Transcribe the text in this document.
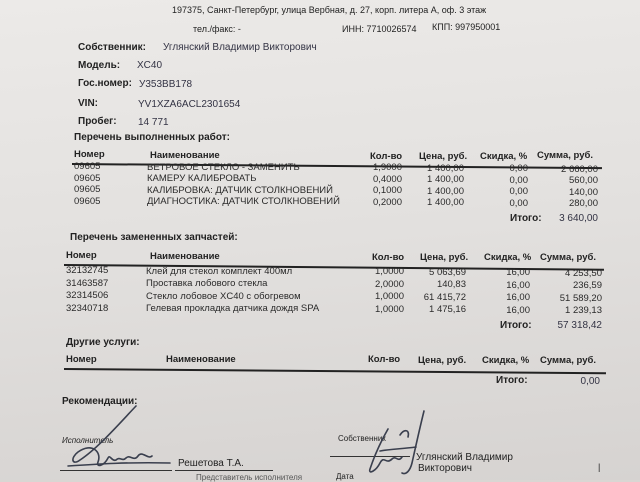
197375, Санкт-Петербург, улица Вербная, д. 27, корп. литера А, оф. 3 этаж
тел./факс: -	ИНН: 7710026574 КПП: 997950001
Собственник: Углянский Владимир Викторович
Модель: XC40
Гос.номер: У353ВВ178
VIN:	YV1XZA6ACL2301654
Пробег: 14 771
Перечень выполненных работ:
Номер	Наименование	Кол-во Цена, руб. Скидка, % Сумма, руб.
09605	ВЕТРОВОЕ СТЕКЛО - ЗАМЕНИТЬ	1,9000	1 400,00	0,00	2 660,00
09605	КАМЕРУ КАЛИБРОВАТЬ	0,4000	1 400,00	0,00	560,00
09605	КАЛИБРОВКА: ДАТЧИК СТОЛКНОВЕНИЙ	0,1000	1 400,00	0,00	140,00
09605	ДИАГНОСТИКА: ДАТЧИК СТОЛКНОВЕНИЙ	0,2000	1 400,00	0,00	280,00
Итого:	3 640,00
Перечень замененных запчастей:
Номер	Наименование	Кол-во Цена, руб. Скидка, % Сумма, руб.
32132745	Клей для стекол комплект 400мл	1,0000	5 063,69	16,00	4 253,50
31463587	Проставка лобового стекла	2,0000	140,83	16,00	236,59
32314506	Стекло лобовое XC40 с обогревом	1,0000	61 415,72	16,00	51 589,20
32340718	Гелевая прокладка датчика дождя SPA	1,0000	1 475,16	16,00	1 239,13
Итого:	57 318,42
Другие услуги:
Номер	Наименование	Кол-во Цена, руб. Скидка, % Сумма, руб.
Итого:	0,00
Рекомендации:
Исполнитель
Решетова Т.А.
Представитель исполнителя
Собственник
Углянский Владимир
Викторович
Дата
|
